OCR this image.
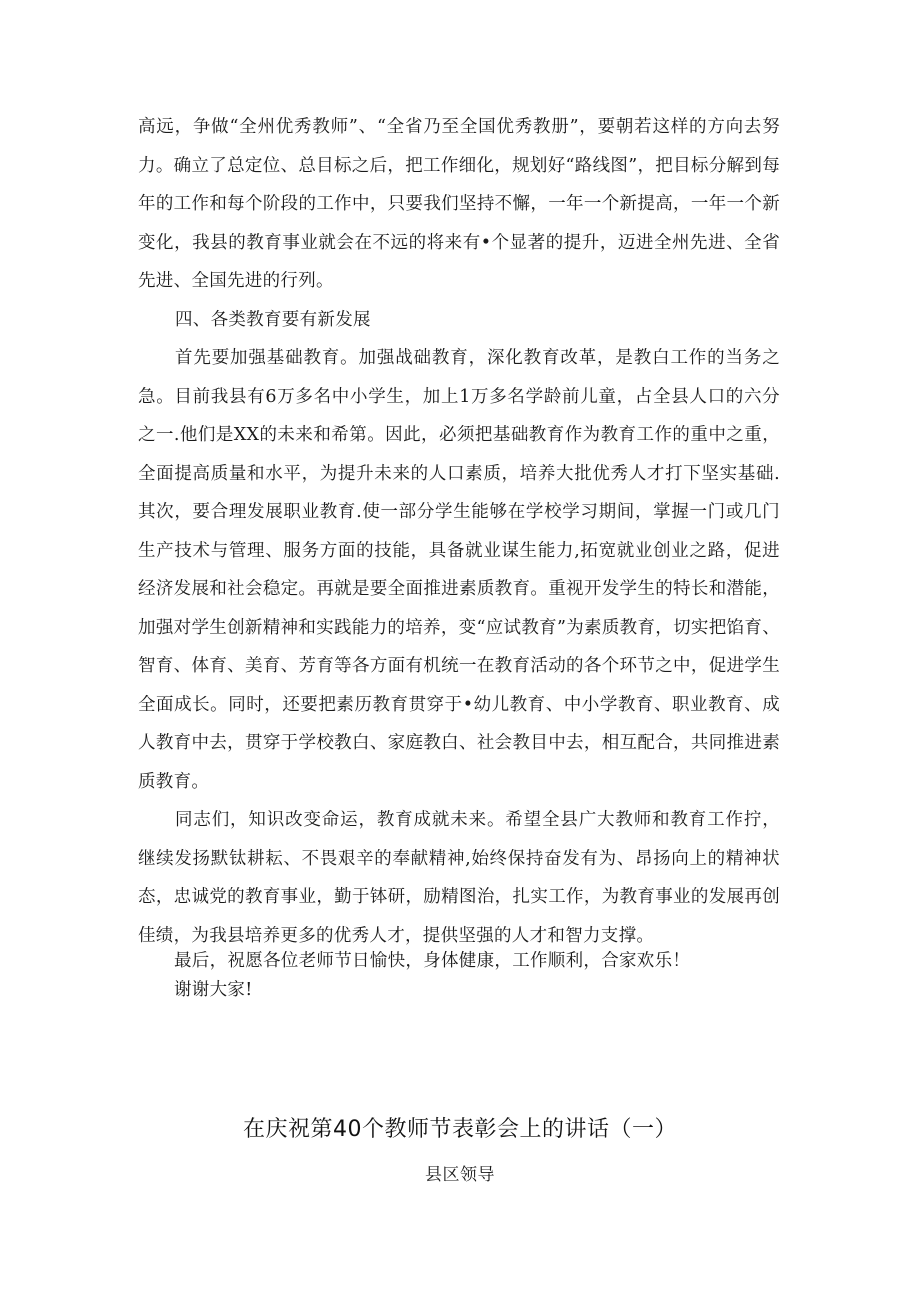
高远，争做“全州优秀教师”、“全省乃至全国优秀教册”，要朝若这样的方向去努力。确立了总定位、总目标之后，把工作细化，规划好“路线图”，把目标分解到每年的工作和每个阶段的工作中，只要我们坚持不懈，一年一个新提高，一年一个新变化，我县的教育事业就会在不远的将来有•个显著的提升，迈进全州先进、全省先进、全国先进的行列。

四、各类教育要有新发展

首先要加强基础教育。加强战础教育，深化教育改革，是教白工作的当务之急。目前我县有6万多名中小学生，加上1万多名学龄前儿童，占全县人口的六分之一.他们是XX的未来和希第。因此，必须把基础教育作为教育工作的重中之重，全面提高质量和水平，为提升未来的人口素质，培养大批优秀人才打下坚实基础.其次，要合理发展职业教育.使一部分学生能够在学校学习期间，掌握一门或几门生产技术与管理、服务方面的技能，具备就业谋生能力,拓宽就业创业之路，促进经济发展和社会稳定。再就是要全面推进素质教育。重视开发学生的特长和潜能，加强对学生创新精神和实践能力的培养，变“应试教育”为素质教育，切实把馅育、智育、体育、美育、芳育等各方面有机统一在教育活动的各个环节之中，促进学生全面成长。同时，还要把素历教育贯穿于•幼儿教育、中小学教育、职业教育、成人教育中去，贯穿于学校教白、家庭教白、社会教目中去，相互配合，共同推进素质教育。

同志们，知识改变命运，教育成就未来。希望全县广大教师和教育工作拧，继续发扬默钛耕耘、不畏艰辛的奉献精神,始终保持奋发有为、昂扬向上的精神状态，忠诚党的教育事业，勤于钵研，励精图治，扎实工作，为教育事业的发展再创佳绩，为我县培养更多的优秀人才，提供坚强的人才和智力支撑。

最后，祝愿各位老师节日愉快，身体健康，工作顺利，合家欢乐！

谢谢大家!

在庆祝第40个教师节表彰会上的讲话（一）

县区领导
